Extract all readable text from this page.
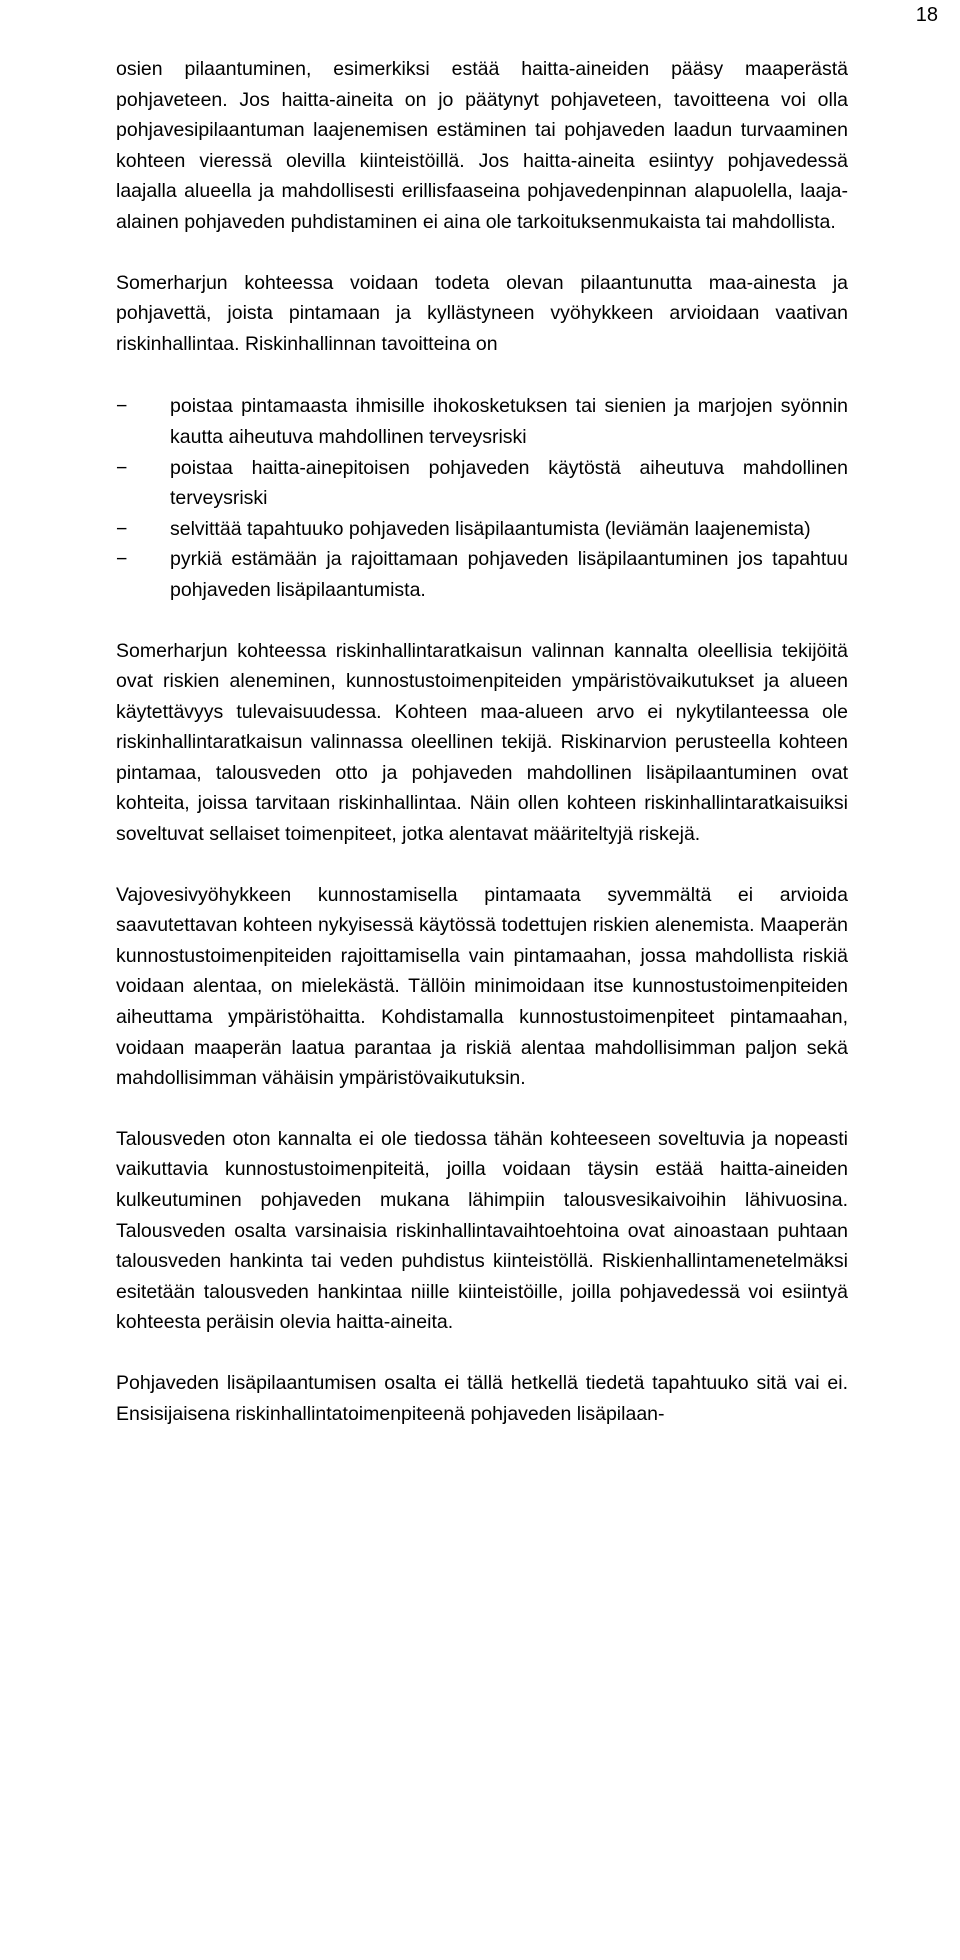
18

osien pilaantuminen, esimerkiksi estää haitta-aineiden pääsy maaperästä pohjaveteen. Jos haitta-aineita on jo päätynyt pohjaveteen, tavoitteena voi olla pohjavesipilaantuman laajenemisen estäminen tai pohjaveden laadun turvaaminen kohteen vieressä olevilla kiinteistöillä. Jos haitta-aineita esiintyy pohjavedessä laajalla alueella ja mahdollisesti erillisfaaseina pohjavedenpinnan alapuolella, laaja-alainen pohjaveden puhdistaminen ei aina ole tarkoituksenmukaista tai mahdollista.

Somerharjun kohteessa voidaan todeta olevan pilaantunutta maa-ainesta ja pohjavettä, joista pintamaan ja kyllästyneen vyöhykkeen arvioidaan vaativan riskinhallintaa. Riskinhallinnan tavoitteina on

− poistaa pintamaasta ihmisille ihokosketuksen tai sienien ja marjojen syönnin kautta aiheutuva mahdollinen terveysriski
− poistaa haitta-ainepitoisen pohjaveden käytöstä aiheutuva mahdollinen terveysriski
− selvittää tapahtuuko pohjaveden lisäpilaantumista (leviämän laajenemista)
− pyrkiä estämään ja rajoittamaan pohjaveden lisäpilaantuminen jos tapahtuu pohjaveden lisäpilaantumista.

Somerharjun kohteessa riskinhallintaratkaisun valinnan kannalta oleellisia tekijöitä ovat riskien aleneminen, kunnostustoimenpiteiden ympäristövaikutukset ja alueen käytettävyys tulevaisuudessa. Kohteen maa-alueen arvo ei nykytilanteessa ole riskinhallintaratkaisun valinnassa oleellinen tekijä. Riskinarvion perusteella kohteen pintamaa, talousveden otto ja pohjaveden mahdollinen lisäpilaantuminen ovat kohteita, joissa tarvitaan riskinhallintaa. Näin ollen kohteen riskinhallintaratkaisuiksi soveltuvat sellaiset toimenpiteet, jotka alentavat määriteltyjä riskejä.

Vajovesivyöhykkeen kunnostamisella pintamaata syvemmältä ei arvioida saavutettavan kohteen nykyisessä käytössä todettujen riskien alenemista. Maaperän kunnostustoimenpiteiden rajoittamisella vain pintamaahan, jossa mahdollista riskiä voidaan alentaa, on mielekästä. Tällöin minimoidaan itse kunnostustoimenpiteiden aiheuttama ympäristöhaitta. Kohdistamalla kunnostustoimenpiteet pintamaahan, voidaan maaperän laatua parantaa ja riskiä alentaa mahdollisimman paljon sekä mahdollisimman vähäisin ympäristövaikutuksin.

Talousveden oton kannalta ei ole tiedossa tähän kohteeseen soveltuvia ja nopeasti vaikuttavia kunnostustoimenpiteitä, joilla voidaan täysin estää haitta-aineiden kulkeutuminen pohjaveden mukana lähimpiin talousvesikaivoihin lähivuosina. Talousveden osalta varsinaisia riskinhallintavaihtoehtoina ovat ainoastaan puhtaan talousveden hankinta tai veden puhdistus kiinteistöllä. Riskienhallintamenetelmäksi esitetään talousveden hankintaa niille kiinteistöille, joilla pohjavedessä voi esiintyä kohteesta peräisin olevia haitta-aineita.

Pohjaveden lisäpilaantumisen osalta ei tällä hetkellä tiedetä tapahtuuko sitä vai ei. Ensisijaisena riskinhallintatoimenpiteenä pohjaveden lisäpilaan-
